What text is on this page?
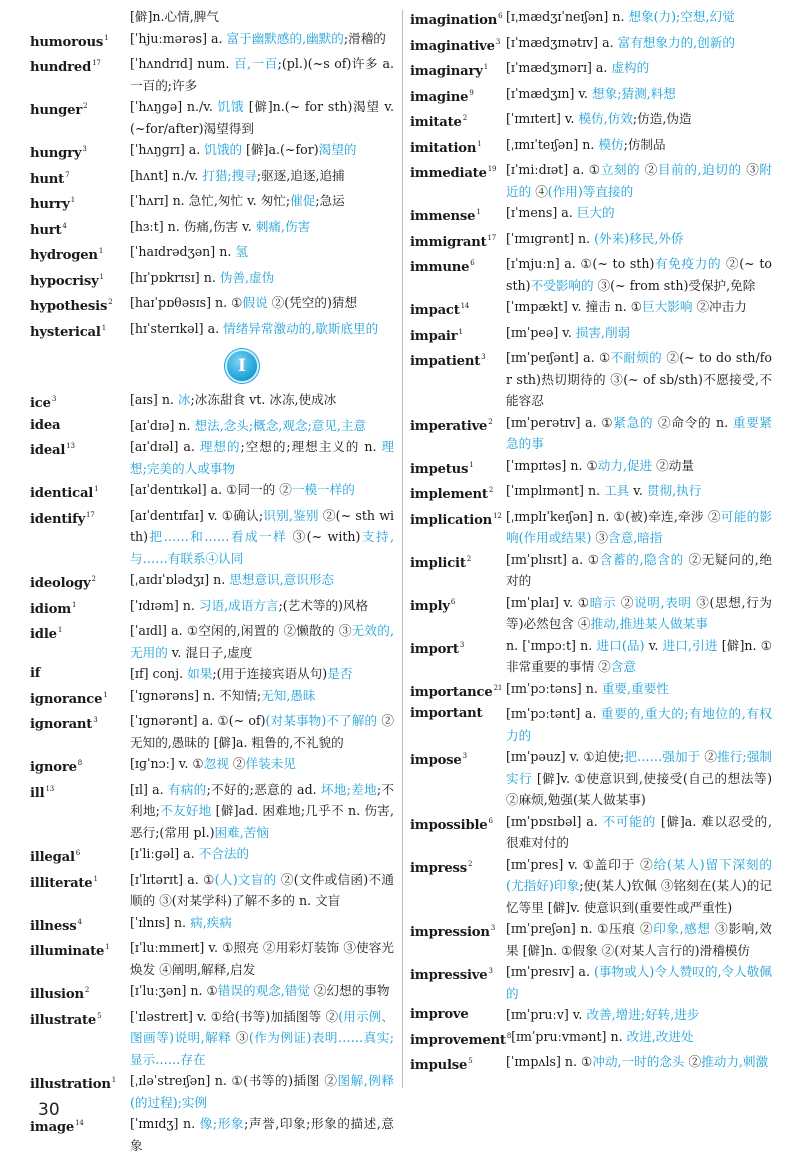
[僻]n.心情,脾气
humorous$^1$	[ˈhjuːmərəs] a. 富于幽默感的,幽默的;滑稽的
hundred$^{17}$	[ˈhʌndrɪd] num. 百,一百;(pl.)(~s of)许多 a. 一百的;许多
hunger$^2$	[ˈhʌŋɡə] n./v. 饥饿 [僻]n.(~ for sth)渴望 v.(~for/after)渴望得到
hungry$^3$	[ˈhʌŋɡrɪ] a. 饥饿的 [僻]a.(~for)渴望的
hunt$^7$	[hʌnt] n./v. 打猎;搜寻;驱逐,追逐,追捕
hurry$^1$	[ˈhʌrɪ] n. 急忙,匆忙 v. 匆忙;催促;急运
hurt$^4$	[hɜːt] n. 伤痛,伤害 v. 刺痛,伤害
hydrogen$^1$	[ˈhaɪdrədʒən] n. 氢
hypocrisy$^1$	[hɪˈpɒkrɪsɪ] n. 伪善,虚伪
hypothesis$^2$	[haɪˈpɒθəsɪs] n. ①假说 ②(凭空的)猜想
hysterical$^1$	[hɪˈsterɪkəl] a. 情绪异常激动的,歇斯底里的
I
ice$^3$	[aɪs] n. 冰;冰冻甜食 vt. 冰冻,使成冰
idea	[aɪˈdɪə] n. 想法,念头;概念,观念;意见,主意
ideal$^{13}$	[aɪˈdɪəl] a. 理想的;空想的;理想主义的 n. 理想;完美的人或事物
identical$^1$	[aɪˈdentɪkəl] a. ①同一的 ②一模一样的
identify$^{17}$	[aɪˈdentɪfaɪ] v. ①确认;识别,鉴别 ②(~ sth with)把……和……看成一样 ③(~ with)支持,与……有联系④认同
ideology$^2$	[ˌaɪdɪˈɒlədʒɪ] n. 思想意识,意识形态
idiom$^1$	[ˈɪdɪəm] n. 习语,成语方言;(艺术等的)风格
idle$^1$	[ˈaɪdl] a. ①空闲的,闲置的 ②懒散的 ③无效的,无用的 v. 混日子,虚度
if	[ɪf] conj. 如果;(用于连接宾语从句)是否
ignorance$^1$	[ˈɪɡnərəns] n. 不知情;无知,愚昧
ignorant$^3$	[ˈɪɡnərənt] a. ①(~ of)(对某事物)不了解的 ②无知的,愚昧的 [僻]a. 粗鲁的,不礼貌的
ignore$^8$	[ɪɡˈnɔː] v. ①忽视 ②佯装未见
ill$^{13}$	[ɪl] a. 有病的;不好的;恶意的 ad. 坏地;差地;不利地;不友好地 [僻]ad. 困难地;几乎不 n. 伤害,恶行;(常用 pl.)困难,苦恼
illegal$^6$	[ɪˈliːɡəl] a. 不合法的
illiterate$^1$	[ɪˈlɪtərɪt] a. ①(人)文盲的 ②(文件或信函)不通顺的 ③(对某学科)了解不多的 n. 文盲
illness$^4$	[ˈɪlnɪs] n. 病,疾病
illuminate$^1$	[ɪˈluːmɪneɪt] v. ①照亮 ②用彩灯装饰 ③使容光焕发 ④阐明,解释,启发
illusion$^2$	[ɪˈluːʒən] n. ①错误的观念,错觉 ②幻想的事物
illustrate$^5$	[ˈɪləstreɪt] v. ①给(书等)加插图等 ②(用示例、图画等)说明,解释 ③(作为例证)表明……真实;显示……存在
illustration$^1$	[ˌɪləˈstreɪʃən] n. ①(书等的)插图 ②图解,例释(的过程);实例
image$^{14}$	[ˈɪmɪdʒ] n. 像;形象;声誉,印象;形象的描述,意象
imagination$^6$ [ɪˌmædʒɪˈneɪʃən] n. 想象(力);空想,幻觉
imaginative$^3$ [ɪˈmædʒɪnətɪv] a. 富有想象力的,创新的
imaginary$^1$	[ɪˈmædʒɪnərɪ] a. 虚构的
imagine$^9$	[ɪˈmædʒɪn] v. 想象;猜测,料想
imitate$^2$	[ˈɪmɪteɪt] v. 模仿,仿效;仿造,伪造
imitation$^1$	[ˌɪmɪˈteɪʃən] n. 模仿;仿制品
immediate$^{19}$ [ɪˈmiːdɪət] a. ①立刻的 ②目前的,迫切的 ③附近的 ④(作用)等直接的
immense$^1$	[ɪˈmens] a. 巨大的
immigrant$^{17}$ [ˈɪmɪɡrənt] n. (外来)移民,外侨
immune$^6$	[ɪˈmjuːn] a. ①(~ to sth)有免疫力的 ②(~ to sth)不受影响的 ③(~ from sth)受保护,免除
impact$^{14}$	[ˈɪmpækt] v. 撞击 n. ①巨大影响 ②冲击力
impair$^1$	[ɪmˈpeə] v. 损害,削弱
impatient$^3$	[ɪmˈpeɪʃənt] a. ①不耐烦的 ②(~ to do sth/for sth)热切期待的 ③(~ of sb/sth)不愿接受,不能容忍
imperative$^2$	[ɪmˈperətɪv] a. ①紧急的 ②命令的 n. 重要紧急的事
impetus$^1$	[ˈɪmpɪtəs] n. ①动力,促进 ②动量
implement$^2$	[ˈɪmplɪmənt] n. 工具 v. 贯彻,执行
implication$^{12}$ [ˌɪmplɪˈkeɪʃən] n. ①(被)牵连,牵涉 ②可能的影响(作用或结果) ③含意,暗指
implicit$^2$	[ɪmˈplɪsɪt] a. ①含蓄的,隐含的 ②无疑问的,绝对的
imply$^6$	[ɪmˈplaɪ] v. ①暗示 ②说明,表明 ③(思想,行为等)必然包含 ④推动,推进某人做某事
import$^3$	n. [ˈɪmpɔːt] n. 进口(品) v. 进口,引进 [僻]n. ①非常重要的事情 ②含意
importance$^{21}$ [ɪmˈpɔːtəns] n. 重要,重要性
important	[ɪmˈpɔːtənt] a. 重要的,重大的;有地位的,有权力的
impose$^3$	[ɪmˈpəuz] v. ①迫使;把……强加于 ②推行;强制实行 [僻]v. ①使意识到,使接受(自己的想法等) ②麻烦,勉强(某人做某事)
impossible$^6$	[ɪmˈpɒsɪbəl] a. 不可能的 [僻]a. 难以忍受的,很难对付的
impress$^2$	[ɪmˈpres] v. ①盖印于 ②给(某人)留下深刻的(尤指好)印象;使(某人)钦佩 ③铭刻在(某人)的记忆等里 [僻]v. 使意识到(重要性或严重性)
impression$^3$ [ɪmˈpreʃən] n. ①压痕 ②印象,感想 ③影响,效果 [僻]n. ①假象 ②(对某人言行的)滑稽模仿
impressive$^3$	[ɪmˈpresɪv] a. (事物或人)令人赞叹的,令人敬佩的
improve	[ɪmˈpruːv] v. 改善,增进;好转,进步
improvement$^8$ [ɪmˈpruːvmənt] n. 改进,改进处
impulse$^5$	[ˈɪmpʌls] n. ①冲动,一时的念头 ②推动力,刺激
30
